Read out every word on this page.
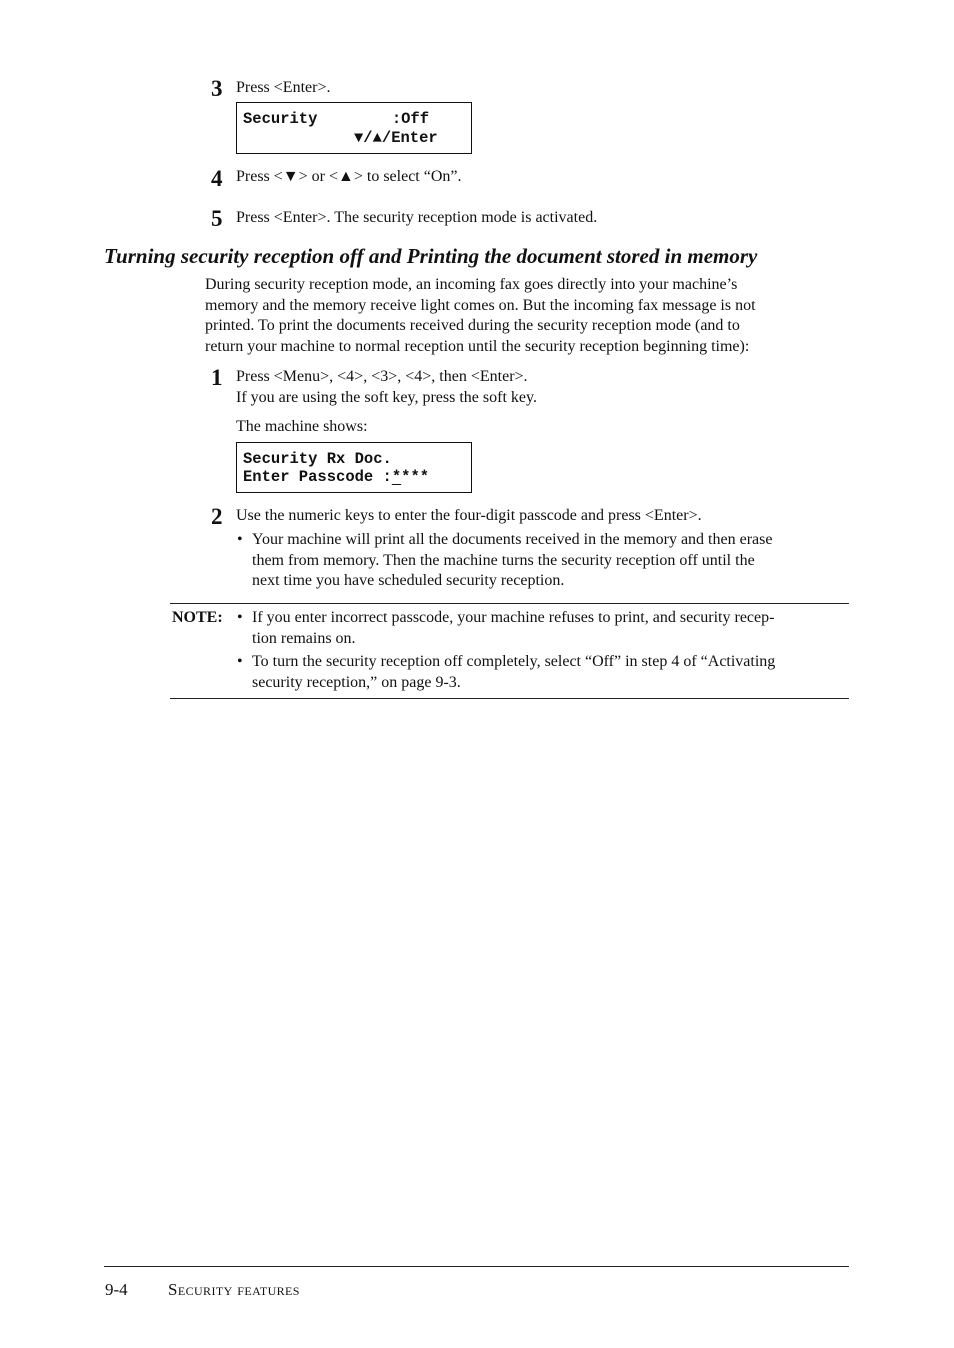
3 Press <Enter>.
Security        :Off
▼/▲/Enter
4 Press <▼> or <▲> to select “On”.
5 Press <Enter>. The security reception mode is activated.
Turning security reception off and Printing the document stored in memory
During security reception mode, an incoming fax goes directly into your machine’s
memory and the memory receive light comes on. But the incoming fax message is not
printed. To print the documents received during the security reception mode (and to
return your machine to normal reception until the security reception beginning time):
1 Press <Menu>, <4>, <3>, <4>, then <Enter>.
If you are using the soft key, press the soft key.
The machine shows:
Security Rx Doc.
Enter Passcode :****
2 Use the numeric keys to enter the four-digit passcode and press <Enter>.
• Your machine will print all the documents received in the memory and then erase
them from memory. Then the machine turns the security reception off until the
next time you have scheduled security reception.
NOTE: • If you enter incorrect passcode, your machine refuses to print, and security recep-
tion remains on.
• To turn the security reception off completely, select “Off” in step 4 of “Activating
security reception,” on page 9-3.
9-4 Security features
